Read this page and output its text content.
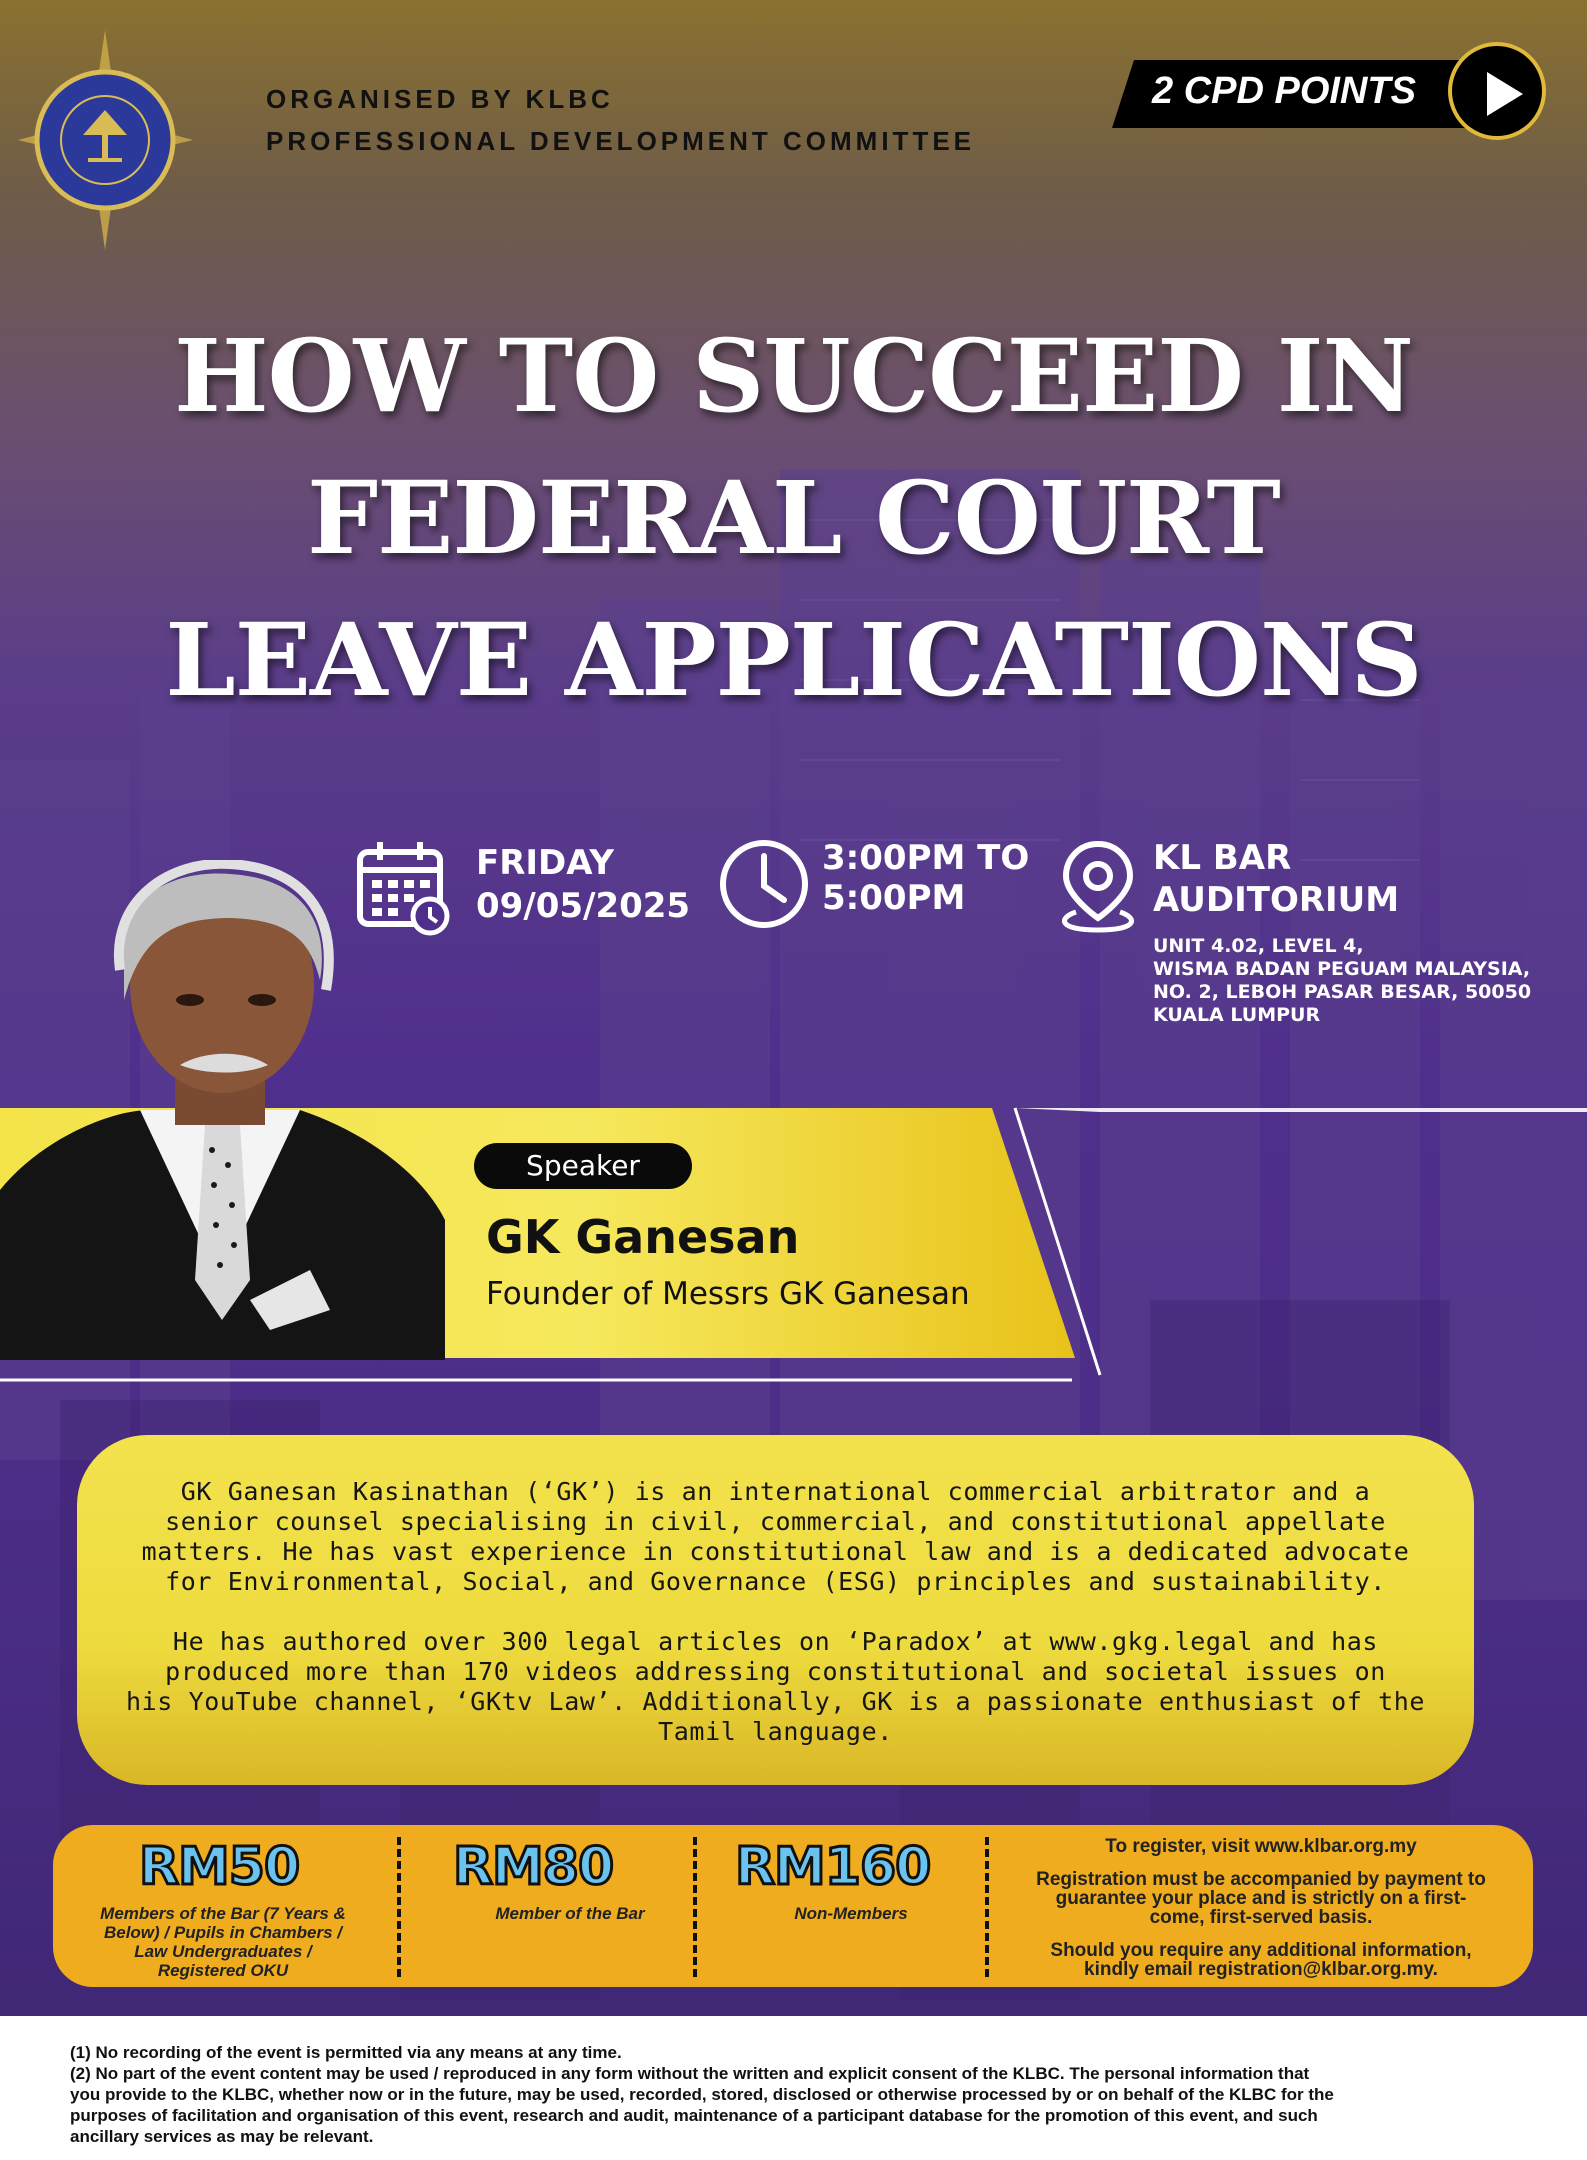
ORGANISED BY KLBC
PROFESSIONAL DEVELOPMENT COMMITTEE
2 CPD POINTS
HOW TO SUCCEED IN
FEDERAL COURT
LEAVE APPLICATIONS
FRIDAY
09/05/2025
3:00PM TO
5:00PM
KL BAR
AUDITORIUM
UNIT 4.02, LEVEL 4,
WISMA BADAN PEGUAM MALAYSIA,
NO. 2, LEBOH PASAR BESAR, 50050
KUALA LUMPUR
Speaker
GK Ganesan
Founder of Messrs GK Ganesan

GK Ganesan Kasinathan (‘GK’) is an international commercial arbitrator and a

senior counsel specialising in civil, commercial, and constitutional appellate

matters. He has vast experience in constitutional law and is a dedicated advocate

for Environmental, Social, and Governance (ESG) principles and sustainability.

He has authored over 300 legal articles on ‘Paradox’ at www.gkg.legal and has

produced more than 170 videos addressing constitutional and societal issues on

his YouTube channel, ‘GKtv Law’. Additionally, GK is a passionate enthusiast of the

Tamil language.

RM50
Members of the Bar (7 Years &
Below) / Pupils in Chambers /
Law Undergraduates /
Registered OKU
RM80
Member of the Bar
RM160
Non-Members
To register, visit www.klbar.org.my
Registration must be accompanied by payment to
guarantee your place and is strictly on a first-
come, first-served basis.
Should you require any additional information,
kindly email registration@klbar.org.my.

(1) No recording of the event is permitted via any means at any time.

(2) No part of the event content may be used / reproduced in any form without the written and explicit consent of the KLBC. The personal information that

you provide to the KLBC, whether now or in the future, may be used, recorded, stored, disclosed or otherwise processed by or on behalf of the KLBC for the

purposes of facilitation and organisation of this event, research and audit, maintenance of a participant database for the promotion of this event, and such

ancillary services as may be relevant.
